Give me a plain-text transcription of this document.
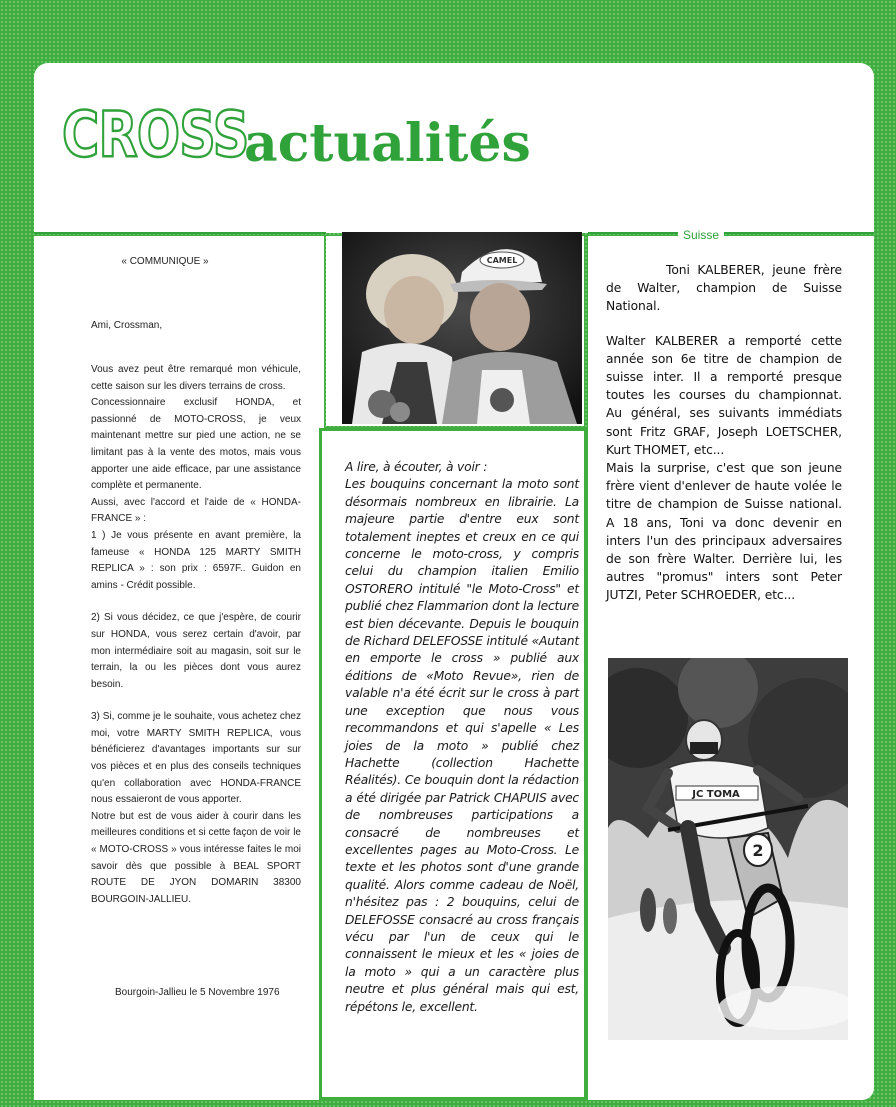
CROSS
actualités
« COMMUNIQUE »
Ami, Crossman,

Vous avez peut être remarqué mon véhicule, cette saison sur les divers terrains de cross.

Concessionnaire exclusif HONDA, et passionné de MOTO-CROSS, je veux maintenant mettre sur pied une action, ne se limitant pas à la vente des motos, mais vous apporter une aide efficace, par une assistance complète et permanente.

Aussi, avec l'accord et l'aide de « HONDA-FRANCE » :

1 ) Je vous présente en avant première, la fameuse « HONDA 125 MARTY SMITH REPLICA » : son prix : 6597F.. Guidon en amins - Crédit possible.

2) Si vous décidez, ce que j'espère, de courir sur HONDA, vous serez certain d'avoir, par mon intermédiaire soit au magasin, soit sur le terrain, la ou les pièces dont vous aurez besoin.

3) Si, comme je le souhaite, vous achetez chez moi, votre MARTY SMITH REPLICA, vous bénéficierez d'avantages importants sur sur vos pièces et en plus des conseils techniques qu'en collaboration avec HONDA-FRANCE nous essaieront de vous apporter.

Notre but est de vous aider à courir dans les meilleures conditions et si cette façon de voir le « MOTO-CROSS » vous intéresse faites le moi savoir dès que possible à BEAL SPORT ROUTE DE JYON DOMARIN 38300 BOURGOIN-JALLIEU.

Bourgoin-Jallieu le 5 Novembre 1976
CAMEL
A lire, à écouter, à voir :
Les bouquins concernant la moto sont désormais nombreux en librairie. La majeure partie d'entre eux sont totalement ineptes et creux en ce qui concerne le moto-cross, y compris celui du champion italien Emilio OSTORERO intitulé "le Moto-Cross" et publié chez Flammarion dont la lecture est bien décevante. Depuis le bouquin de Richard DELEFOSSE intitulé «Autant en emporte le cross » publié aux éditions de «Moto Revue», rien de valable n'a été écrit sur le cross à part une exception que nous vous recommandons et qui s'apelle « Les joies de la moto » publié chez Hachette (collection Hachette Réalités). Ce bouquin dont la rédaction a été dirigée par Patrick CHAPUIS avec de nombreuses participations a consacré de nombreuses et excellentes pages au Moto-Cross. Le texte et les photos sont d'une grande qualité. Alors comme cadeau de Noël, n'hésitez pas : 2 bouquins, celui de DELEFOSSE consacré au cross français vécu par l'un de ceux qui le connaissent le mieux et les « joies de la moto » qui a un caractère plus neutre et plus général mais qui est, répétons le, excellent.
Suisse

Toni KALBERER, jeune frère de Walter, champion de Suisse National.

Walter KALBERER a remporté cette année son 6e titre de champion de suisse inter. Il a remporté presque toutes les courses du championnat. Au général, ses suivants immédiats sont Fritz GRAF, Joseph LOETSCHER, Kurt THOMET, etc...

Mais la surprise, c'est que son jeune frère vient d'enlever de haute volée le titre de champion de Suisse national. A 18 ans, Toni va donc devenir en inters l'un des principaux adversaires de son frère Walter. Derrière lui, les autres "promus" inters sont Peter JUTZI, Peter SCHROEDER, etc...

JC TOMA
2
